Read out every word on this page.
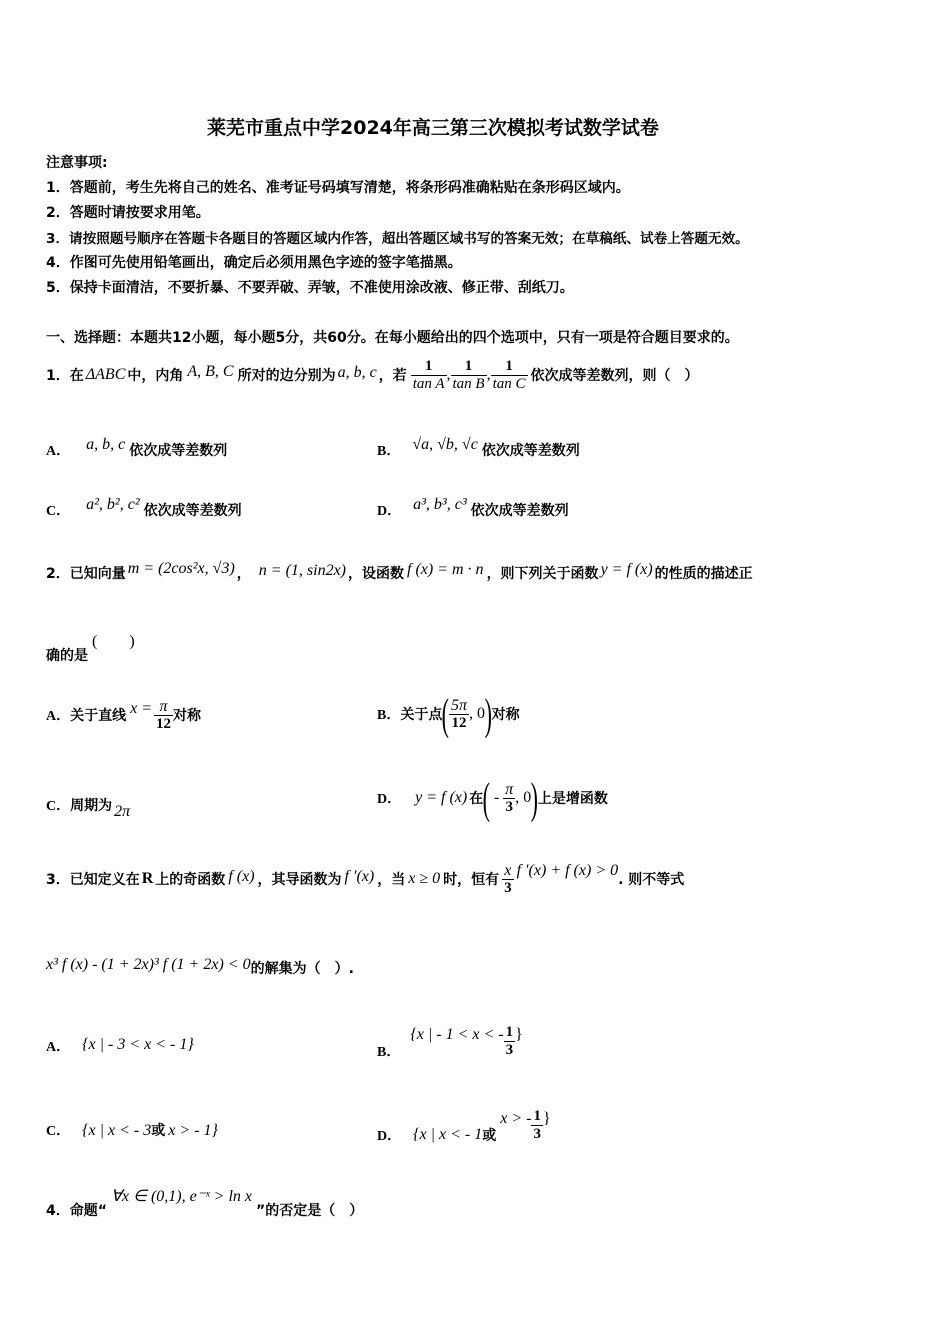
莱芜市重点中学2024年高三第三次模拟考试数学试卷
注意事项:
1．答题前，考生先将自己的姓名、准考证号码填写清楚，将条形码准确粘贴在条形码区域内。
2．答题时请按要求用笔。
3．请按照题号顺序在答题卡各题目的答题区域内作答，超出答题区域书写的答案无效；在草稿纸、试卷上答题无效。
4．作图可先使用铅笔画出，确定后必须用黑色字迹的签字笔描黑。
5．保持卡面清洁，不要折暴、不要弄破、弄皱，不准使用涂改液、修正带、刮纸刀。
一、选择题：本题共12小题，每小题5分，共60分。在每小题给出的四个选项中，只有一项是符合题目要求的。
1．在 ΔABC 中，内角 A, B, C 所对的边分别为 a, b, c ，若 $\frac{1}{\text{tan A}}$ , $\frac{1}{\text{tan B}}$ , $\frac{1}{\text{tan C}}$ 依次成等差数列，则（　）
A． a, b, c 依次成等差数列	B． √a, √b, √c 依次成等差数列
C． a², b², c² 依次成等差数列	D． a³, b³, c³ 依次成等差数列
2．已知向量 m = (2cos²x, √3) ， n = (1, sin2x) ，设函数 f (x) = m · n ，则下列关于函数 y = f (x) 的性质的描述正
确的是(　　)
A． 关于直线 $x = \frac{\pi}{12}$ 对称	B． 关于点 ( $\frac{5\pi}{12}$ , 0 ) 对称
C．周期为 2π
D． y = f (x) 在 ( - $\frac{\pi}{3}$ , 0 ) 上是增函数
3．已知定义在 R 上的奇函数 f (x) ，其导函数为 f ′(x) ，当 x ≥ 0 时，恒有 $\frac{x}{3}$ f ′(x) + f (x) > 0
. 则不等式
x³ f (x) - (1 + 2x)³ f (1 + 2x) < 0的解集为（　）.
A． {x | - 3 < x < - 1}	B．
{x | - 1 < x < - $\frac{1}{3}$ }
C． {x | x < - 3或 x > - 1}	D． {x | x < - 1 或
x > - $\frac{1}{3}$ }
4．命题“
∀x ∈ (0,1), e⁻ˣ > ln x
”的否定是（　）
